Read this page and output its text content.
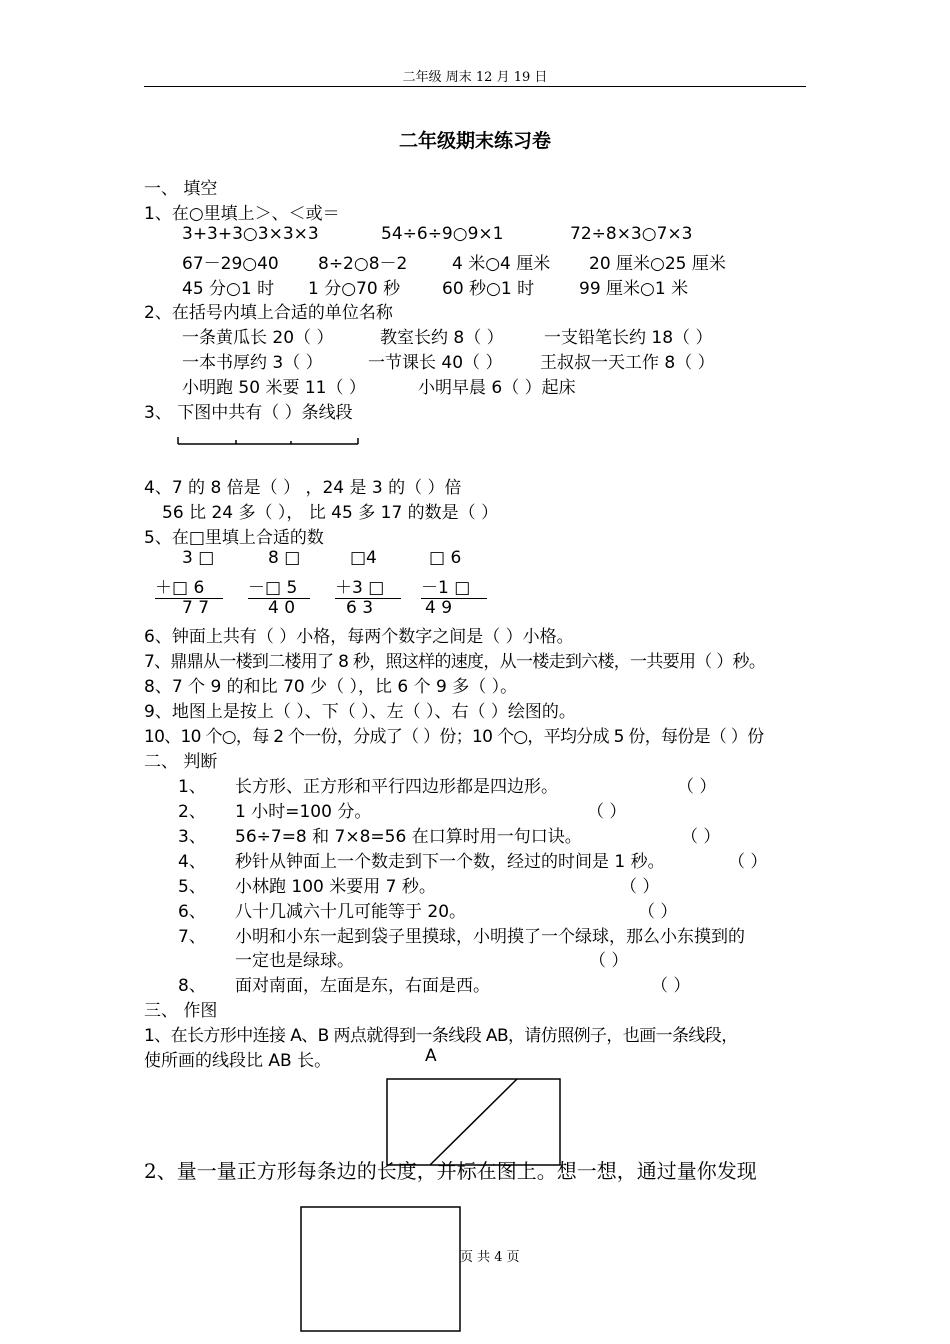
二年级 周末 12 月 19 日
二年级期末练习卷
一、 填空
1、在○里填上＞、＜或＝
3+3+3○3×3×3	54÷6÷9○9×1	72÷8×3○7×3
67－29○40 8÷2○8－2	4 米○4 厘米 20 厘米○25 厘米
45 分○1 时 1 分○70 秒 60 秒○1 时	99 厘米○1 米
2、在括号内填上合适的单位名称
一条黄瓜长 20（ ）	教室长约 8（ ） 一支铅笔长约 18（ ）
一本书厚约 3（ ）	一节课长 40（ ） 王叔叔一天工作 8（ ）
小明跑 50 米要 11（ ）	小明早晨 6（ ）起床
3、 下图中共有（ ）条线段
4、7 的 8 倍是（ ） ，24 是 3 的（ ）倍
56 比 24 多（ ）， 比 45 多 17 的数是（ ）
5、在□里填上合适的数
3 □	8 □	□4	□ 6
＋□ 6	－□ 5	＋3 □	－1 □
7 7	4 0	6 3	4 9
6、钟面上共有（ ）小格，每两个数字之间是（ ）小格。
7、鼎鼎从一楼到二楼用了 8 秒，照这样的速度，从一楼走到六楼，一共要用（ ）秒。
8、7 个 9 的和比 70 少（ ），比 6 个 9 多（ ）。
9、地图上是按上（ ）、下（ ）、左（ ）、右（ ）绘图的。
10、10 个○，每 2 个一份，分成了（ ）份；10 个○，平均分成 5 份，每份是（ ）份
二、 判断
1、 长方形、正方形和平行四边形都是四边形。	（ ）
2、 1 小时=100 分。	（ ）
3、 56÷7=8 和 7×8=56 在口算时用一句口诀。	（ ）
4、 秒针从钟面上一个数走到下一个数，经过的时间是 1 秒。	（ ）
5、 小林跑 100 米要用 7 秒。	（ ）
6、 八十几减六十几可能等于 20。	（ ）
7、 小明和小东一起到袋子里摸球，小明摸了一个绿球，那么小东摸到的
一定也是绿球。	（ ）
8、 面对南面，左面是东，右面是西。	（ ）
三、 作图
1、在长方形中连接 A、B 两点就得到一条线段 AB，请仿照例子，也画一条线段，
使所画的线段比 AB 长。	A
2、量一量正方形每条边的长度，并标在图上。想一想，通过量你发现
页 共 4 页
